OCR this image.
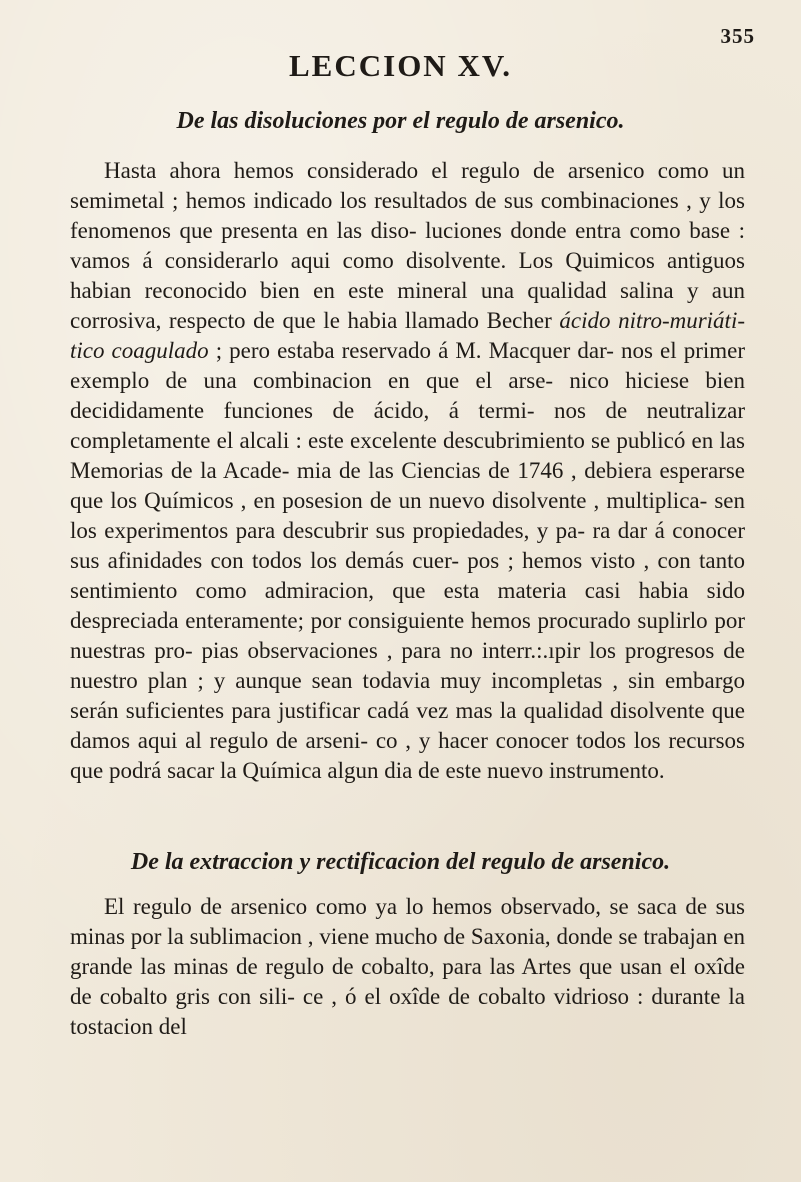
355
LECCION XV.
De las disoluciones por el regulo de arsenico.

Hasta ahora hemos considerado el regulo de arsenico como un semimetal ; hemos indicado los resultados de sus combinaciones , y los fenomenos que presenta en las diso- luciones donde entra como base : vamos á considerarlo aqui como disolvente. Los Quimicos antiguos habian reconocido bien en este mineral una qualidad salina y aun corrosiva, respecto de que le habia llamado Becher ácido nitro-muriáti- tico coagulado ; pero estaba reservado á M. Macquer dar- nos el primer exemplo de una combinacion en que el arse- nico hiciese bien decididamente funciones de ácido, á termi- nos de neutralizar completamente el alcali : este excelente descubrimiento se publicó en las Memorias de la Acade- mia de las Ciencias de 1746 , debiera esperarse que los Químicos , en posesion de un nuevo disolvente , multiplica- sen los experimentos para descubrir sus propiedades, y pa- ra dar á conocer sus afinidades con todos los demás cuer- pos ; hemos visto , con tanto sentimiento como admiracion, que esta materia casi habia sido despreciada enteramente; por consiguiente hemos procurado suplirlo por nuestras pro- pias observaciones , para no interr.:.ıpir los progresos de nuestro plan ; y aunque sean todavia muy incompletas , sin embargo serán suficientes para justificar cadá vez mas la qualidad disolvente que damos aqui al regulo de arseni- co , y hacer conocer todos los recursos que podrá sacar la Química algun dia de este nuevo instrumento.

De la extraccion y rectificacion del regulo de arsenico.

El regulo de arsenico como ya lo hemos observado, se saca de sus minas por la sublimacion , viene mucho de Saxonia, donde se trabajan en grande las minas de regulo de cobalto, para las Artes que usan el oxîde de cobalto gris con sili- ce , ó el oxîde de cobalto vidrioso : durante la tostacion del
